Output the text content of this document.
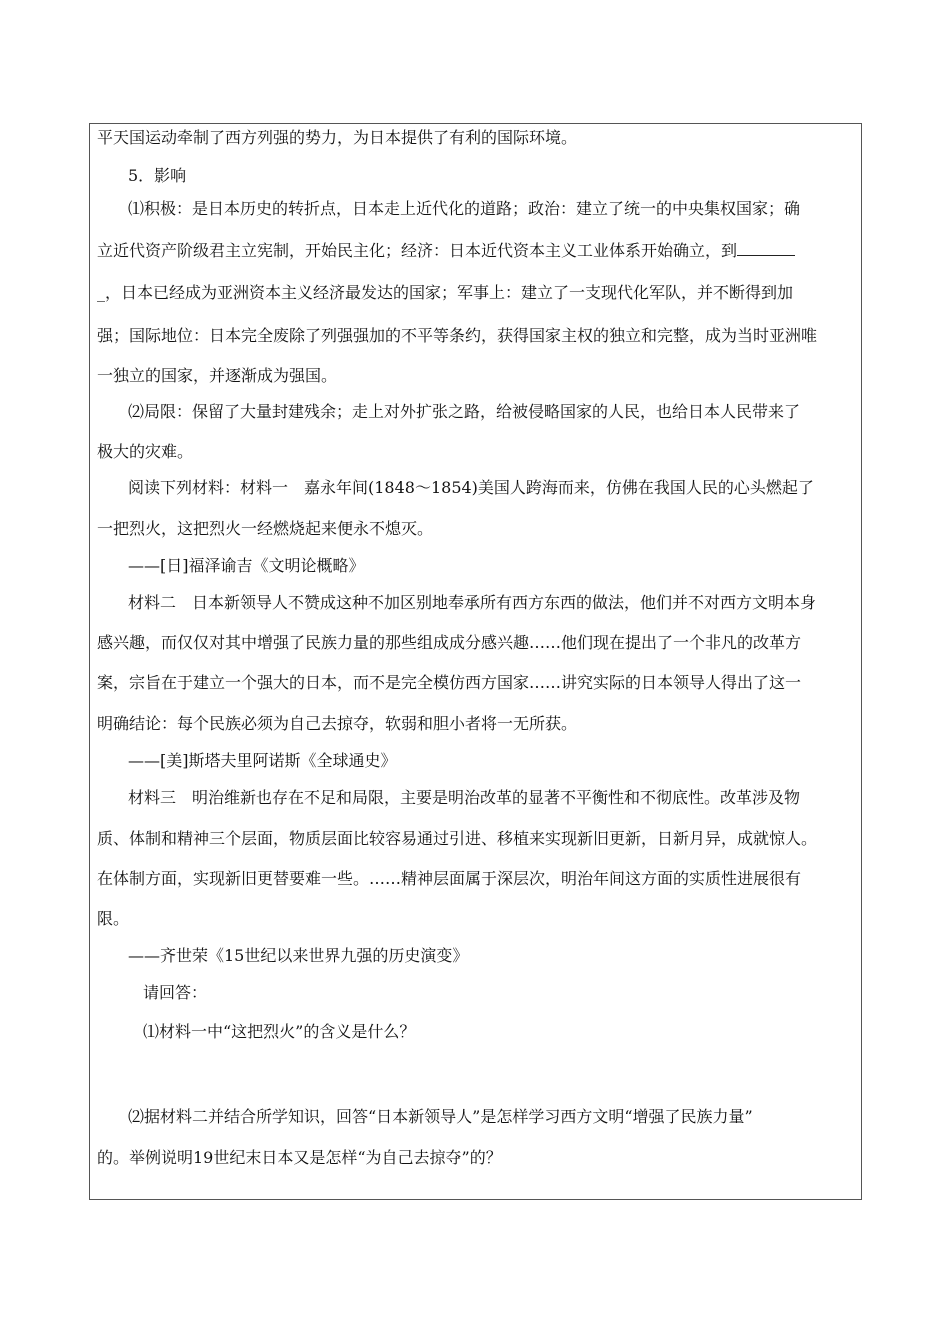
平天国运动牵制了西方列强的势力，为日本提供了有利的国际环境。
5．影响
⑴积极：是日本历史的转折点，日本走上近代化的道路；政治：建立了统一的中央集权国家；确
立近代资产阶级君主立宪制，开始民主化；经济：日本近代资本主义工业体系开始确立，到
_，日本已经成为亚洲资本主义经济最发达的国家；军事上：建立了一支现代化军队，并不断得到加
强；国际地位：日本完全废除了列强强加的不平等条约，获得国家主权的独立和完整，成为当时亚洲唯
一独立的国家，并逐渐成为强国。
⑵局限：保留了大量封建残余；走上对外扩张之路，给被侵略国家的人民，也给日本人民带来了
极大的灾难。
阅读下列材料：材料一　嘉永年间(1848～1854)美国人跨海而来，仿佛在我国人民的心头燃起了
一把烈火，这把烈火一经燃烧起来便永不熄灭。
——[日]福泽谕吉《文明论概略》
材料二　日本新领导人不赞成这种不加区别地奉承所有西方东西的做法，他们并不对西方文明本身
感兴趣，而仅仅对其中增强了民族力量的那些组成成分感兴趣……他们现在提出了一个非凡的改革方
案，宗旨在于建立一个强大的日本，而不是完全模仿西方国家……讲究实际的日本领导人得出了这一
明确结论：每个民族必须为自己去掠夺，软弱和胆小者将一无所获。
——[美]斯塔夫里阿诺斯《全球通史》
材料三　明治维新也存在不足和局限，主要是明治改革的显著不平衡性和不彻底性。改革涉及物
质、体制和精神三个层面，物质层面比较容易通过引进、移植来实现新旧更新，日新月异，成就惊人。
在体制方面，实现新旧更替要难一些。……精神层面属于深层次，明治年间这方面的实质性进展很有
限。
——齐世荣《15世纪以来世界九强的历史演变》
请回答：
⑴材料一中“这把烈火”的含义是什么？
⑵据材料二并结合所学知识，回答“日本新领导人”是怎样学习西方文明“增强了民族力量”
的。举例说明19世纪末日本又是怎样“为自己去掠夺”的？
